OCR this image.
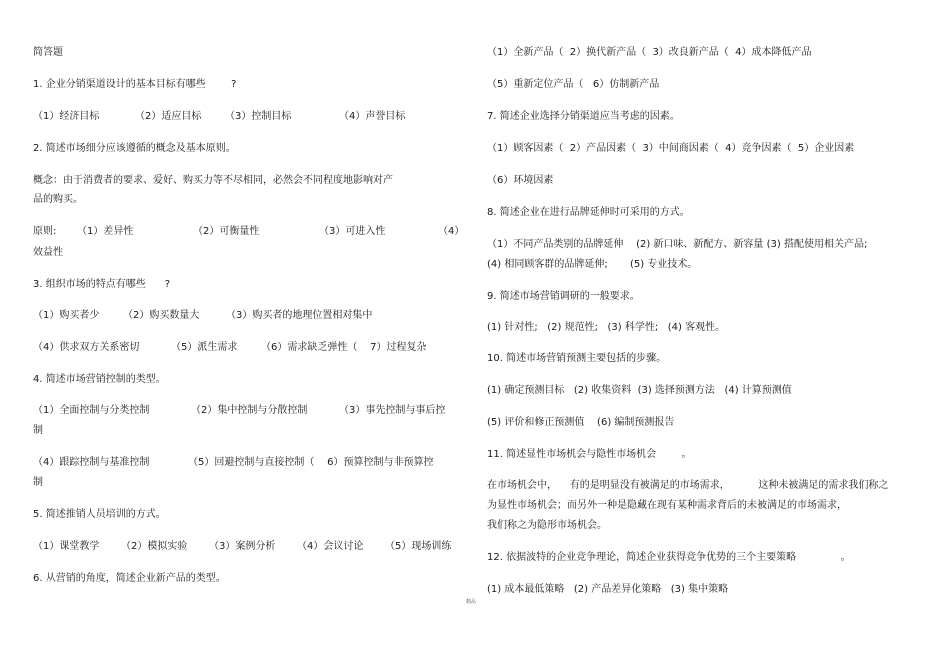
简答题
1. 企业分销渠道设计的基本目标有哪些        ?
（1）经济目标	（2）适应目标 （3）控制目标	（4）声誉目标
2. 简述市场细分应该遵循的概念及基本原则。
概念：由于消费者的要求、爱好、购买力等不尽相同，必然会不同程度地影响对产
品的购买。
原则: （1）差异性	（2）可衡量性	（3）可进入性	（4）
效益性
3. 组织市场的特点有哪些      ?
（1）购买者少 （2）购买数量大	（3）购买者的地理位置相对集中
（4）供求双方关系密切	（5）派生需求 （6）需求缺乏弹性（    7）过程复杂
4. 简述市场营销控制的类型。
（1）全面控制与分类控制	（2）集中控制与分散控制	（3）事先控制与事后控
制
（4）跟踪控制与基准控制	（5）回避控制与直接控制（    6）预算控制与非预算控
制
5. 简述推销人员培训的方式。
（1）课堂教学 （2）模拟实验 （3）案例分析 （4）会议讨论 （5）现场训练
6. 从营销的角度，简述企业新产品的类型。
（1）全新产品（  2）换代新产品（  3）改良新产品（  4）成本降低产品
（5）重新定位产品（   6）仿制新产品
7. 简述企业选择分销渠道应当考虑的因素。
（1）顾客因素（  2）产品因素（  3）中间商因素（  4）竞争因素（  5）企业因素
（6）环境因素
8. 简述企业在进行品牌延伸时可采用的方式。
（1）不同产品类别的品牌延伸    (2) 新口味、新配方、新容量 (3) 搭配使用相关产品;
(4) 相同顾客群的品牌延伸;       (5) 专业技术。
9. 简述市场营销调研的一般要求。
(1) 针对性;   (2) 规范性;   (3) 科学性;   (4) 客观性。
10. 简述市场营销预测主要包括的步骤。
(1) 确定预测目标   (2) 收集资料  (3) 选择预测方法   (4) 计算预测值
(5) 评价和修正预测值    (6) 编制预测报告
11. 简述显性市场机会与隐性市场机会        。
在市场机会中，    有的是明显没有被满足的市场需求，         这种未被满足的需求我们称之
为显性市场机会；而另外一种是隐藏在现有某种需求背后的未被满足的市场需求，
我们称之为隐形市场机会。
12. 依据波特的企业竞争理论，简述企业获得竞争优势的三个主要策略              。
(1) 成本最低策略   (2) 产品差异化策略   (3) 集中策略
精品
